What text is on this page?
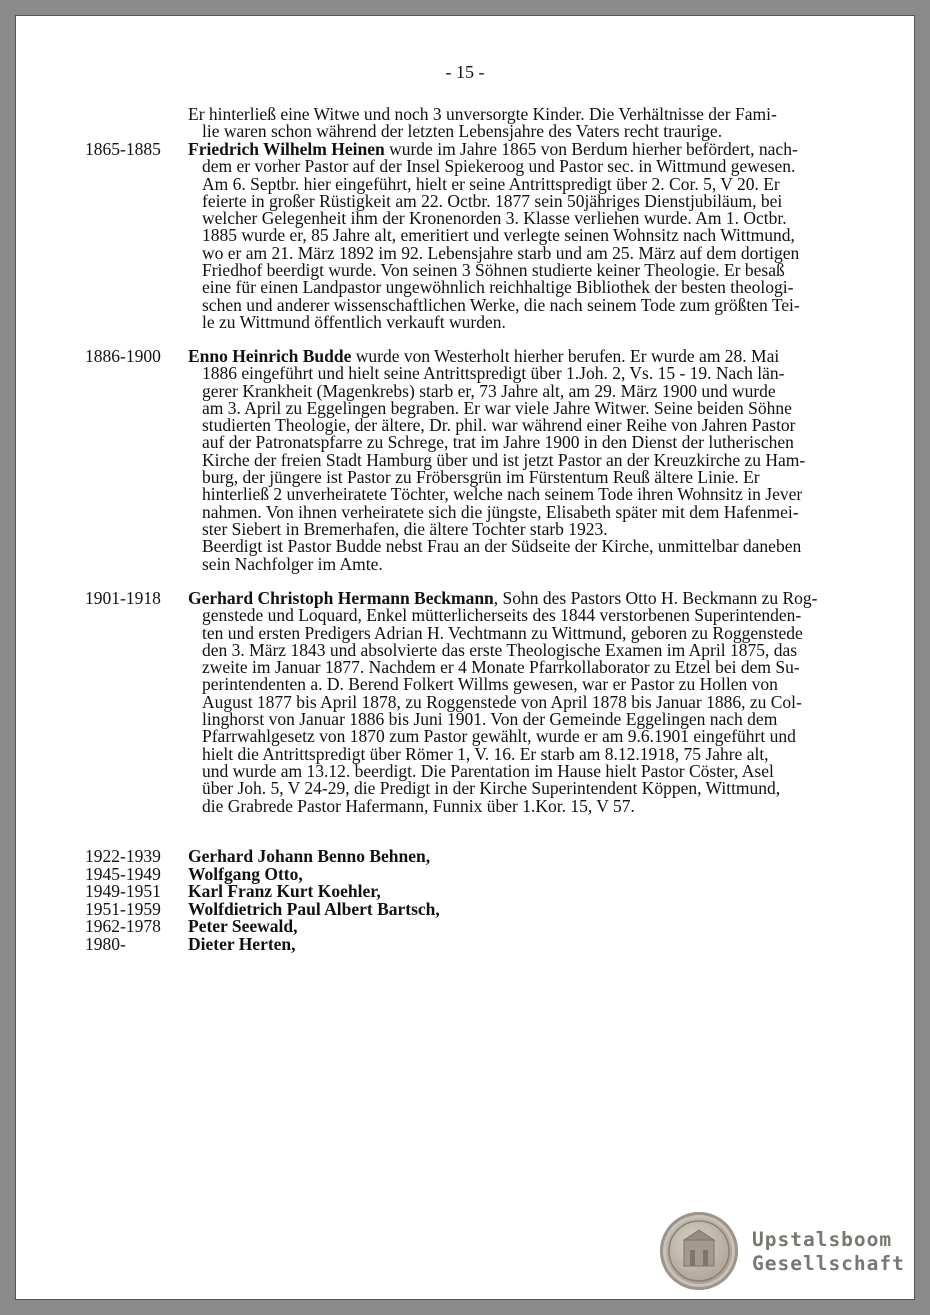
- 15 -
Er hinterließ eine Witwe und noch 3 unversorgte Kinder. Die Verhältnisse der Fami-
lie waren schon während der letzten Lebensjahre des Vaters recht traurige.
1865-1885 Friedrich Wilhelm Heinen wurde im Jahre 1865 von Berdum hierher befördert, nach-
dem er vorher Pastor auf der Insel Spiekeroog und Pastor sec. in Wittmund gewesen.
Am 6. Septbr. hier eingeführt, hielt er seine Antrittspredigt über 2. Cor. 5, V 20. Er
feierte in großer Rüstigkeit am 22. Octbr. 1877 sein 50jähriges Dienstjubiläum, bei
welcher Gelegenheit ihm der Kronenorden 3. Klasse verliehen wurde. Am 1. Octbr.
1885 wurde er, 85 Jahre alt, emeritiert und verlegte seinen Wohnsitz nach Wittmund,
wo er am 21. März 1892 im 92. Lebensjahre starb und am 25. März auf dem dortigen
Friedhof beerdigt wurde. Von seinen 3 Söhnen studierte keiner Theologie. Er besaß
eine für einen Landpastor ungewöhnlich reichhaltige Bibliothek der besten theologi-
schen und anderer wissenschaftlichen Werke, die nach seinem Tode zum größten Tei-
le zu Wittmund öffentlich verkauft wurden.
1886-1900 Enno Heinrich Budde wurde von Westerholt hierher berufen. Er wurde am 28. Mai
1886 eingeführt und hielt seine Antrittspredigt über 1.Joh. 2, Vs. 15 - 19. Nach län-
gerer Krankheit (Magenkrebs) starb er, 73 Jahre alt, am 29. März 1900 und wurde
am 3. April zu Eggelingen begraben. Er war viele Jahre Witwer. Seine beiden Söhne
studierten Theologie, der ältere, Dr. phil. war während einer Reihe von Jahren Pastor
auf der Patronatspfarre zu Schrege, trat im Jahre 1900 in den Dienst der lutherischen
Kirche der freien Stadt Hamburg über und ist jetzt Pastor an der Kreuzkirche zu Ham-
burg, der jüngere ist Pastor zu Fröbersgrün im Fürstentum Reuß ältere Linie. Er
hinterließ 2 unverheiratete Töchter, welche nach seinem Tode ihren Wohnsitz in Jever
nahmen. Von ihnen verheiratete sich die jüngste, Elisabeth später mit dem Hafenmei-
ster Siebert in Bremerhafen, die ältere Tochter starb 1923.
Beerdigt ist Pastor Budde nebst Frau an der Südseite der Kirche, unmittelbar daneben
sein Nachfolger im Amte.
1901-1918 Gerhard Christoph Hermann Beckmann, Sohn des Pastors Otto H. Beckmann zu Rog-
genstede und Loquard, Enkel mütterlicherseits des 1844 verstorbenen Superintenden-
ten und ersten Predigers Adrian H. Vechtmann zu Wittmund, geboren zu Roggenstede
den 3. März 1843 und absolvierte das erste Theologische Examen im April 1875, das
zweite im Januar 1877. Nachdem er 4 Monate Pfarrkollaborator zu Etzel bei dem Su-
perintendenten a. D. Berend Folkert Willms gewesen, war er Pastor zu Hollen von
August 1877 bis April 1878, zu Roggenstede von April 1878 bis Januar 1886, zu Col-
linghorst von Januar 1886 bis Juni 1901. Von der Gemeinde Eggelingen nach dem
Pfarrwahlgesetz von 1870 zum Pastor gewählt, wurde er am 9.6.1901 eingeführt und
hielt die Antrittspredigt über Römer 1, V. 16. Er starb am 8.12.1918, 75 Jahre alt,
und wurde am 13.12. beerdigt. Die Parentation im Hause hielt Pastor Cöster, Asel
über Joh. 5, V 24-29, die Predigt in der Kirche Superintendent Köppen, Wittmund,
die Grabrede Pastor Hafermann, Funnix über 1.Kor. 15, V 57.
1922-1939 Gerhard Johann Benno Behnen,
1945-1949 Wolfgang Otto,
1949-1951 Karl Franz Kurt Koehler,
1951-1959 Wolfdietrich Paul Albert Bartsch,
1962-1978 Peter Seewald,
1980-	Dieter Herten,
Upstalsboom
Gesellschaft
